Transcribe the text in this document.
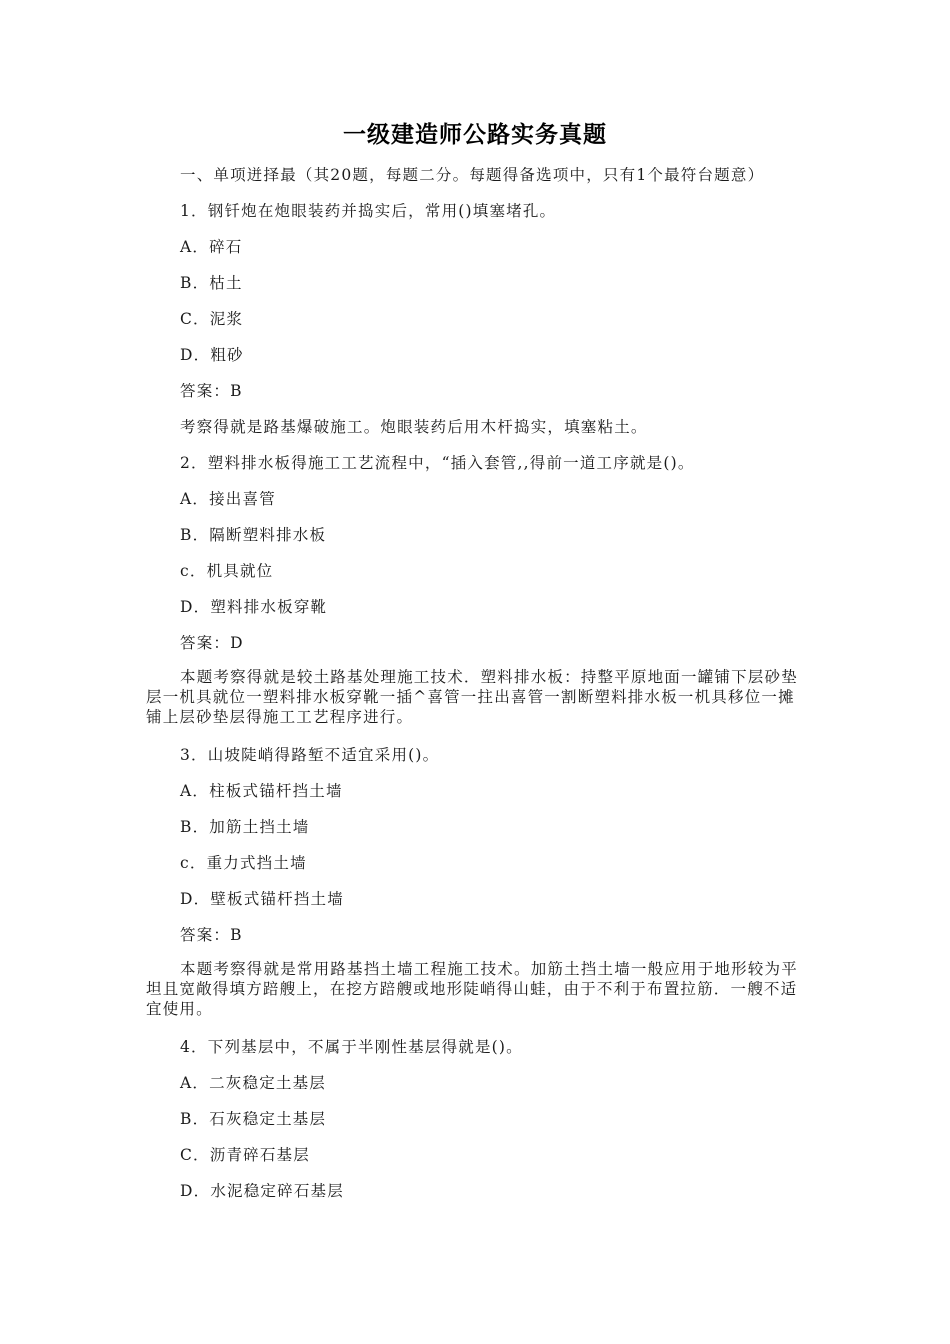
一级建造师公路实务真题
一、单项迸择最（其20题，每题二分。每题得备选项中，只有1个最符台题意）
1．钢钎炮在炮眼装药并捣实后，常用()填塞堵孔。
A．碎石
B．枯土
C．泥浆
D．粗砂
答案：B
考察得就是路基爆破施工。炮眼装药后用木杆捣实，填塞粘土。
2．塑料排水板得施工工艺流程中，“插入套管,,得前一道工序就是()。
A．接出喜管
B．隔断塑料排水板
c．机具就位
D．塑料排水板穿靴
答案：D
本题考察得就是较土路基处理施工技术．塑料排水板：持整平原地面一罐铺下层砂垫层一机具就位一塑料排水板穿靴一插^喜管一拄出喜管一割断塑料排水板一机具移位一摊铺上层砂垫层得施工工艺程序进行。
3．山坡陡峭得路堑不适宜采用()。
A．柱板式锚杆挡土墙
B．加筋土挡土墙
c．重力式挡土墙
D．壁板式锚杆挡土墙
答案：B
本题考察得就是常用路基挡土墙工程施工技术。加筋土挡土墙一般应用于地形较为平坦且宽敞得填方踣艘上，在挖方踣艘或地形陡峭得山蛙，由于不利于布置拉筋．一艘不适宜使用。
4．下列基层中，不属于半刚性基层得就是()。
A．二灰稳定土基层
B．石灰稳定土基层
C．沥青碎石基层
D．水泥稳定碎石基层
